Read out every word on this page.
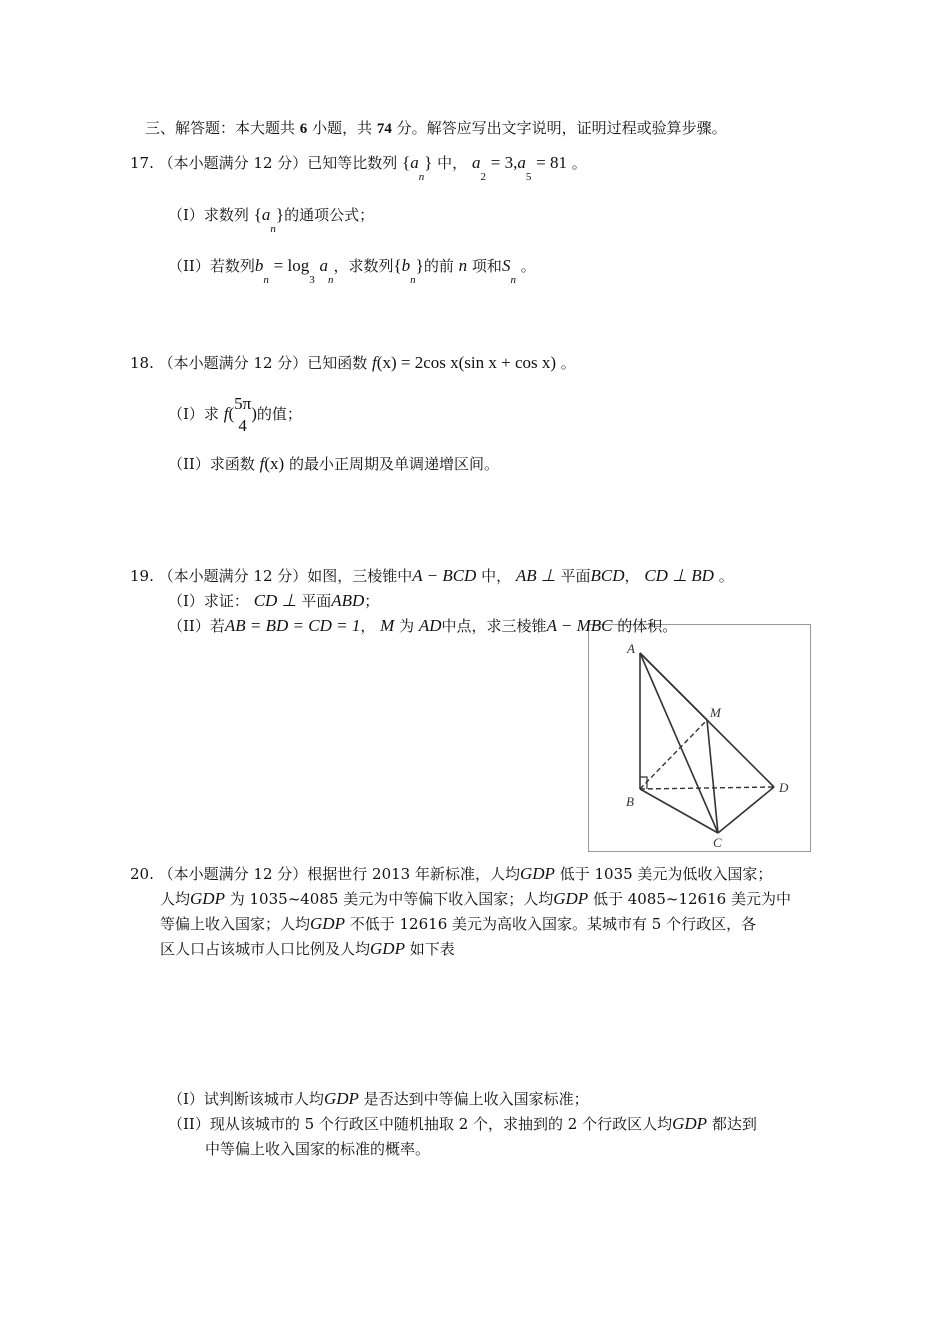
三、解答题：本大题共 6 小题，共 74 分。解答应写出文字说明，证明过程或验算步骤。
17. （本小题满分 12 分）已知等比数列 $\{a_n\}$ 中， $a_2 = 3,a_5 = 81$ 。
（I）求数列 $\{a_n\}$的通项公式；
（II）若数列$b_n = \log_3 a_n$，求数列$\{b_n\}$的前 n 项和$S_n$ 。
18. （本小题满分 12 分）已知函数 f(x) = 2cos x(sin x + cos x) 。
（I）求 f(
5π
4
)的值；
（II）求函数 f(x) 的最小正周期及单调递增区间。
19. （本小题满分 12 分）如图，三棱锥中A − BCD 中， AB ⊥ 平面BCD， CD ⊥ BD 。
（I）求证： CD ⊥ 平面ABD；
A
B
C
D
M
（II）若AB = BD = CD = 1， M 为 AD中点，求三棱锥A − MBC 的体积。
20. （本小题满分 12 分）根据世行 2013 年新标准，人均GDP 低于 1035 美元为低收入国家；
人均GDP 为 1035~4085 美元为中等偏下收入国家；人均GDP 低于 4085~12616 美元为中
等偏上收入国家；人均GDP 不低于 12616 美元为高收入国家。某城市有 5 个行政区，各
区人口占该城市人口比例及人均GDP 如下表
（I）试判断该城市人均GDP 是否达到中等偏上收入国家标准；
（II）现从该城市的 5 个行政区中随机抽取 2 个，求抽到的 2 个行政区人均GDP 都达到
中等偏上收入国家的标准的概率。
